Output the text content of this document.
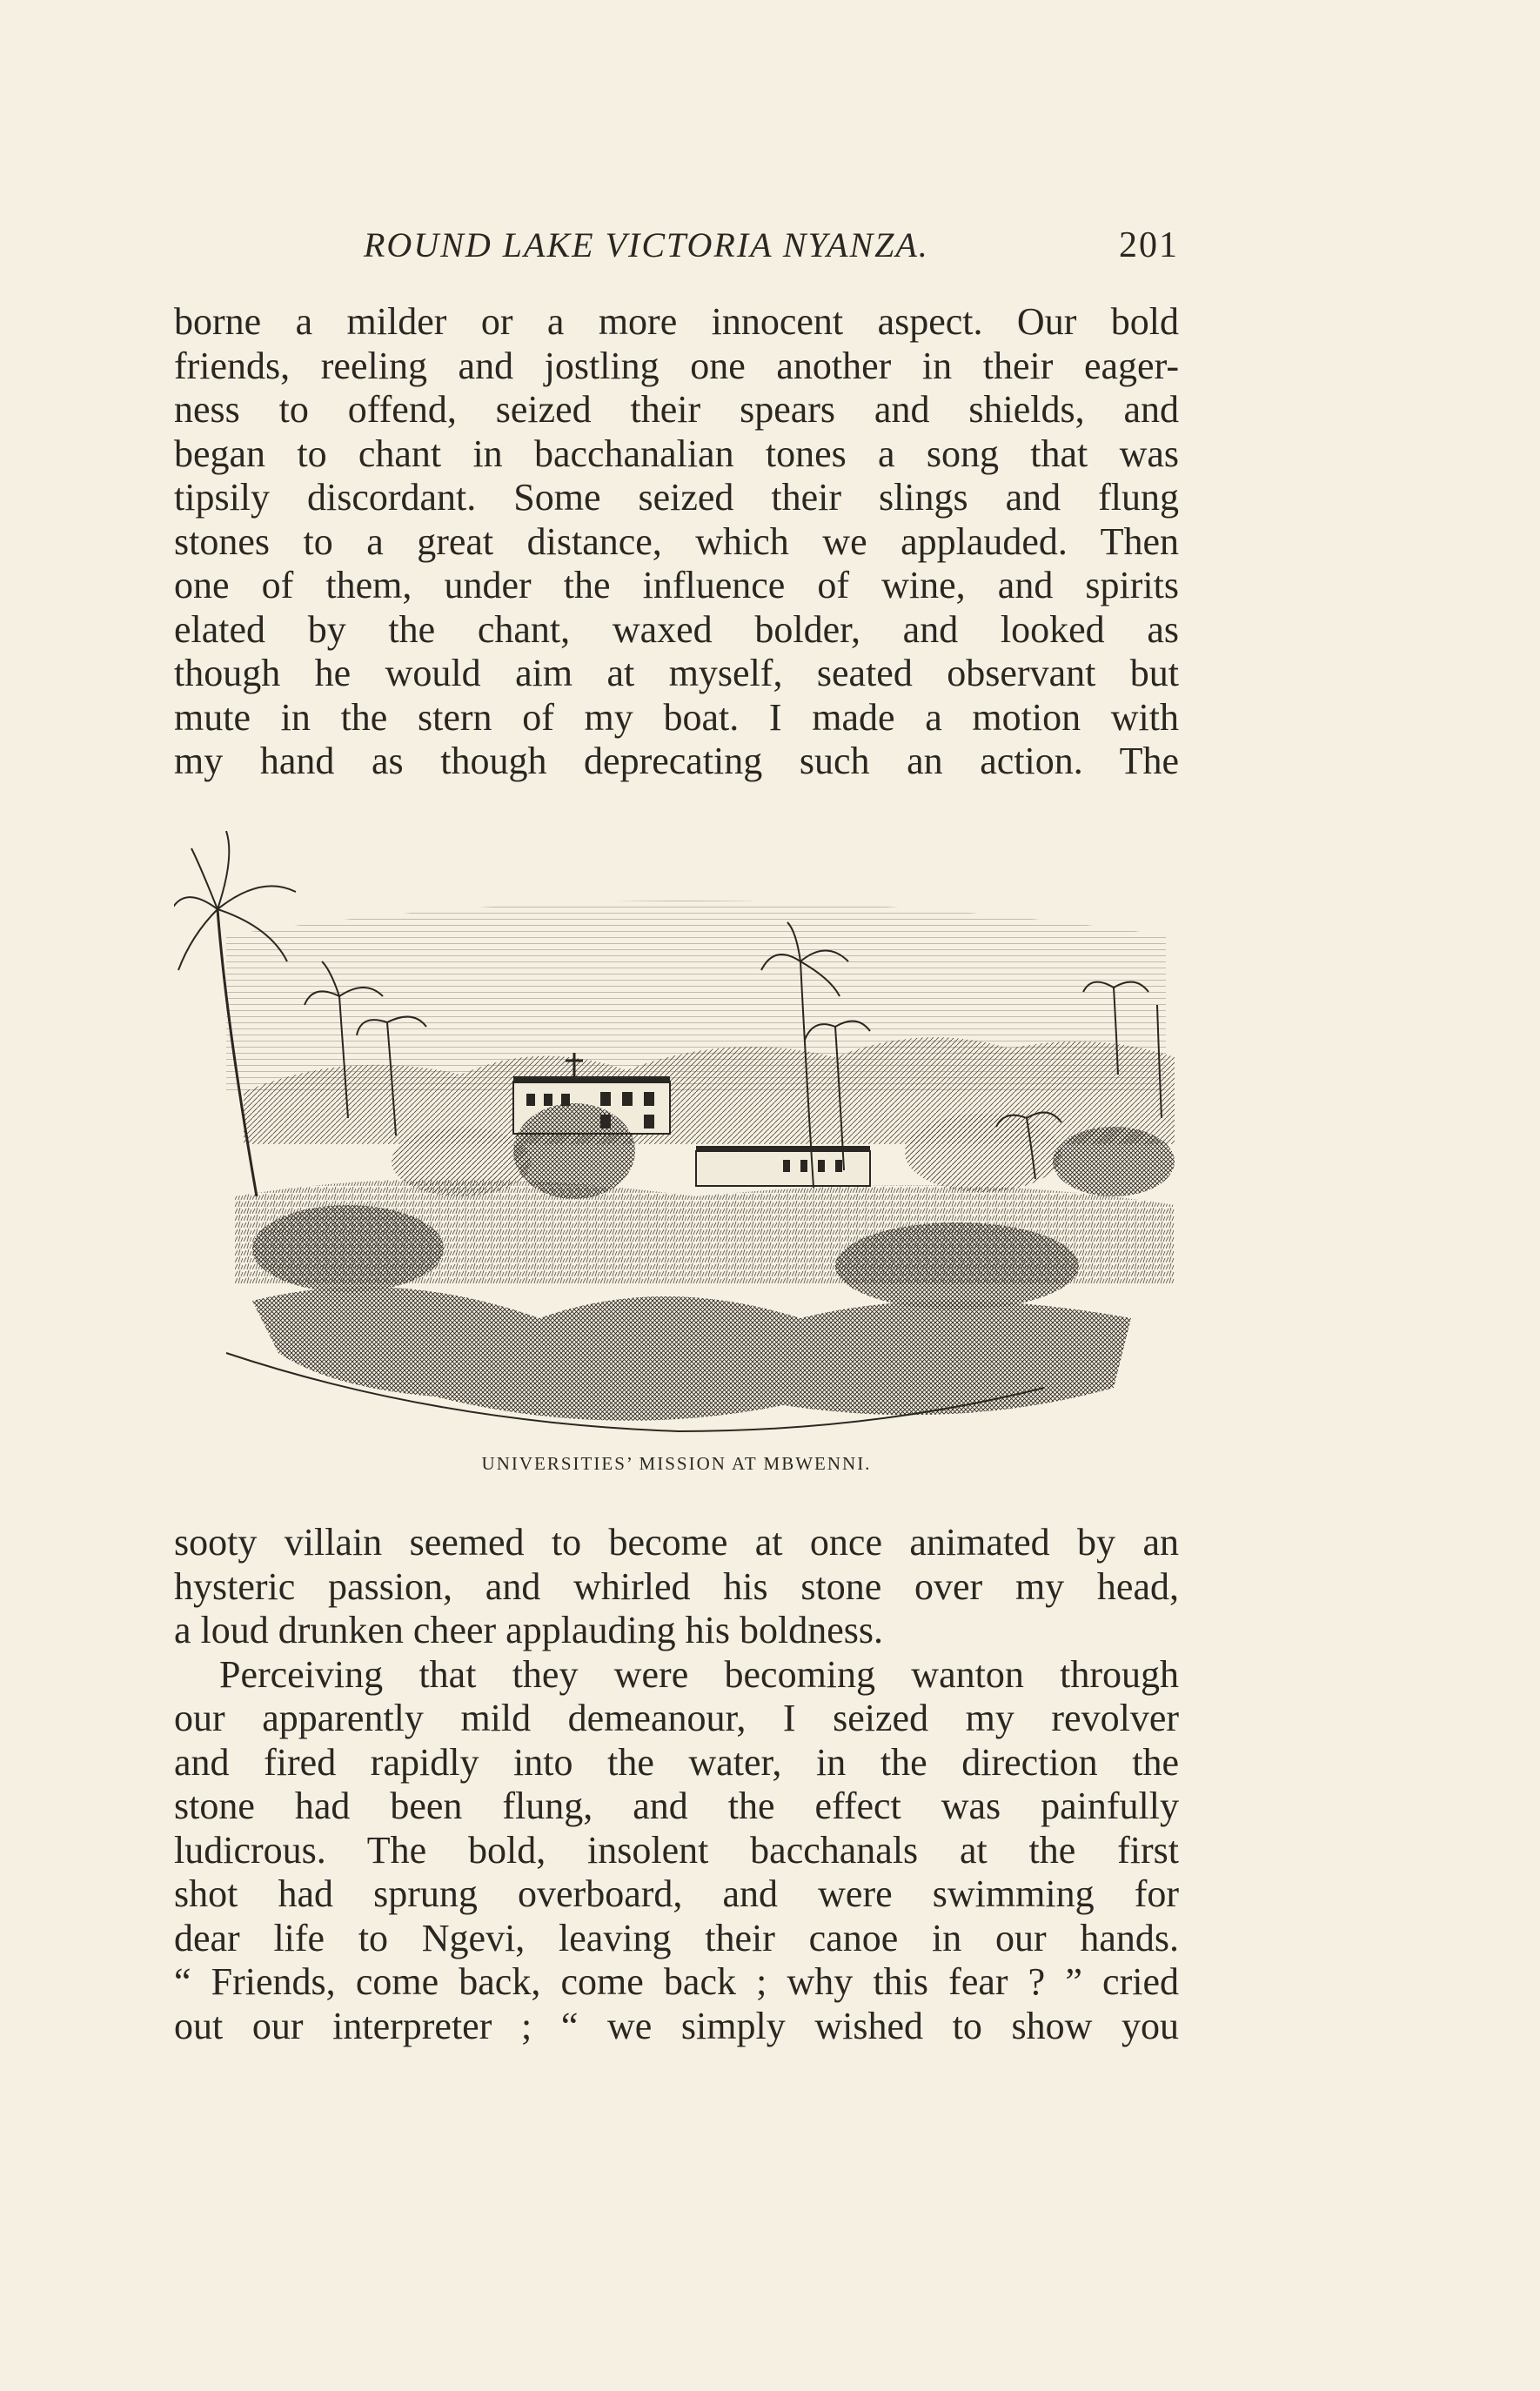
ROUND LAKE VICTORIA NYANZA.	201
borne a milder or a more innocent aspect. Our bold
friends, reeling and jostling one another in their eager-
ness to offend, seized their spears and shields, and
began to chant in bacchanalian tones a song that was
tipsily discordant. Some seized their slings and flung
stones to a great distance, which we applauded. Then
one of them, under the influence of wine, and spirits
elated by the chant, waxed bolder, and looked as
though he would aim at myself, seated observant but
mute in the stern of my boat. I made a motion with
my hand as though deprecating such an action. The
UNIVERSITIES’ MISSION AT MBWENNI.
sooty villain seemed to become at once animated by an
hysteric passion, and whirled his stone over my head,
a loud drunken cheer applauding his boldness.
Perceiving that they were becoming wanton through
our apparently mild demeanour, I seized my revolver
and fired rapidly into the water, in the direction the
stone had been flung, and the effect was painfully
ludicrous. The bold, insolent bacchanals at the first
shot had sprung overboard, and were swimming for
dear life to Ngevi, leaving their canoe in our hands.
“ Friends, come back, come back ; why this fear ? ” cried
out our interpreter ; “ we simply wished to show you
